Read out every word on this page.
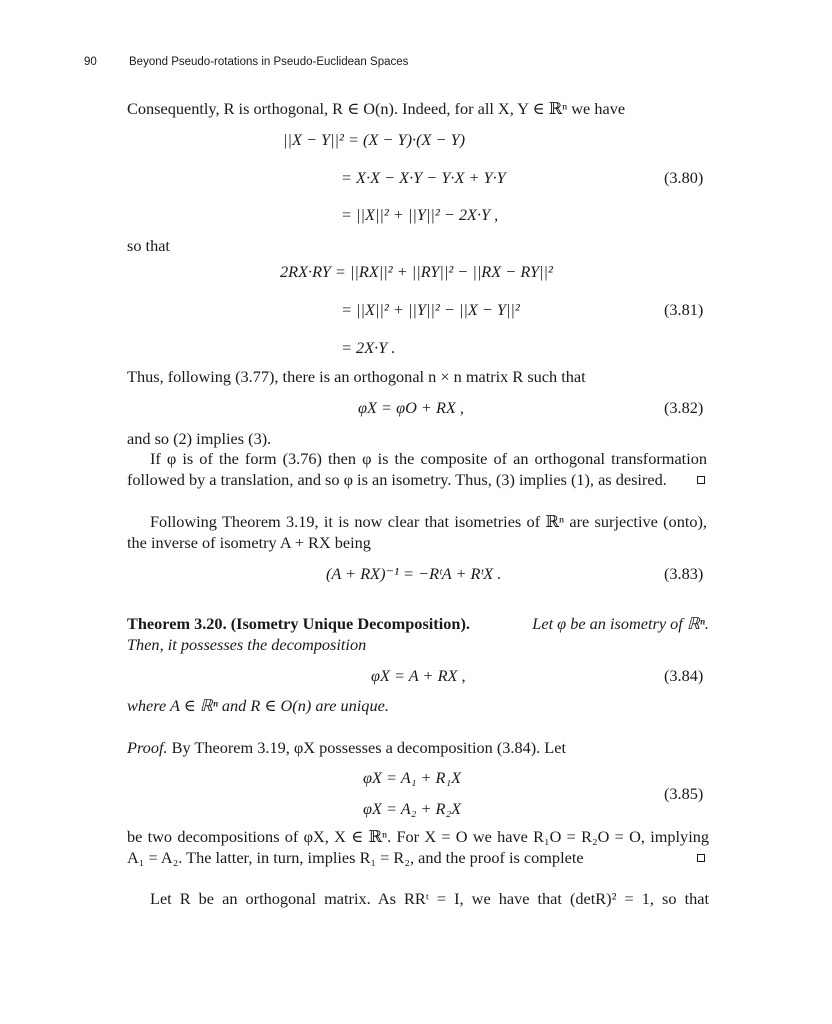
90	Beyond Pseudo-rotations in Pseudo-Euclidean Spaces
Consequently, R is orthogonal, R ∈ O(n). Indeed, for all X, Y ∈ ℝⁿ we have
||X − Y||² = (X − Y)·(X − Y)
= X·X − X·Y − Y·X + Y·Y
= ||X||² + ||Y||² − 2X·Y ,
(3.80)
so that
2RX·RY = ||RX||² + ||RY||² − ||RX − RY||²
= ||X||² + ||Y||² − ||X − Y||²
= 2X·Y .
(3.81)
Thus, following (3.77), there is an orthogonal n × n matrix R such that
φX = φO + RX ,	(3.82)
and so (2) implies (3).
If φ is of the form (3.76) then φ is the composite of an orthogonal transformation
followed by a translation, and so φ is an isometry. Thus, (3) implies (1), as desired.
Following Theorem 3.19, it is now clear that isometries of ℝⁿ are surjective (onto),
the inverse of isometry A + RX being
(A + RX)⁻¹ = −RᵗA + RᵗX .	(3.83)
Theorem 3.20. (Isometry Unique Decomposition).	Let φ be an isometry of ℝⁿ.
Then, it possesses the decomposition
φX = A + RX ,	(3.84)
where A ∈ ℝⁿ and R ∈ O(n) are unique.
Proof. By Theorem 3.19, φX possesses a decomposition (3.84). Let
φX = A₁ + R₁X
φX = A₂ + R₂X
(3.85)
be two decompositions of φX, X ∈ ℝⁿ. For X = O we have R₁O = R₂O = O, implying
A₁ = A₂. The latter, in turn, implies R₁ = R₂, and the proof is complete
Let R be an orthogonal matrix. As RRᵗ = I, we have that (detR)² = 1, so that
